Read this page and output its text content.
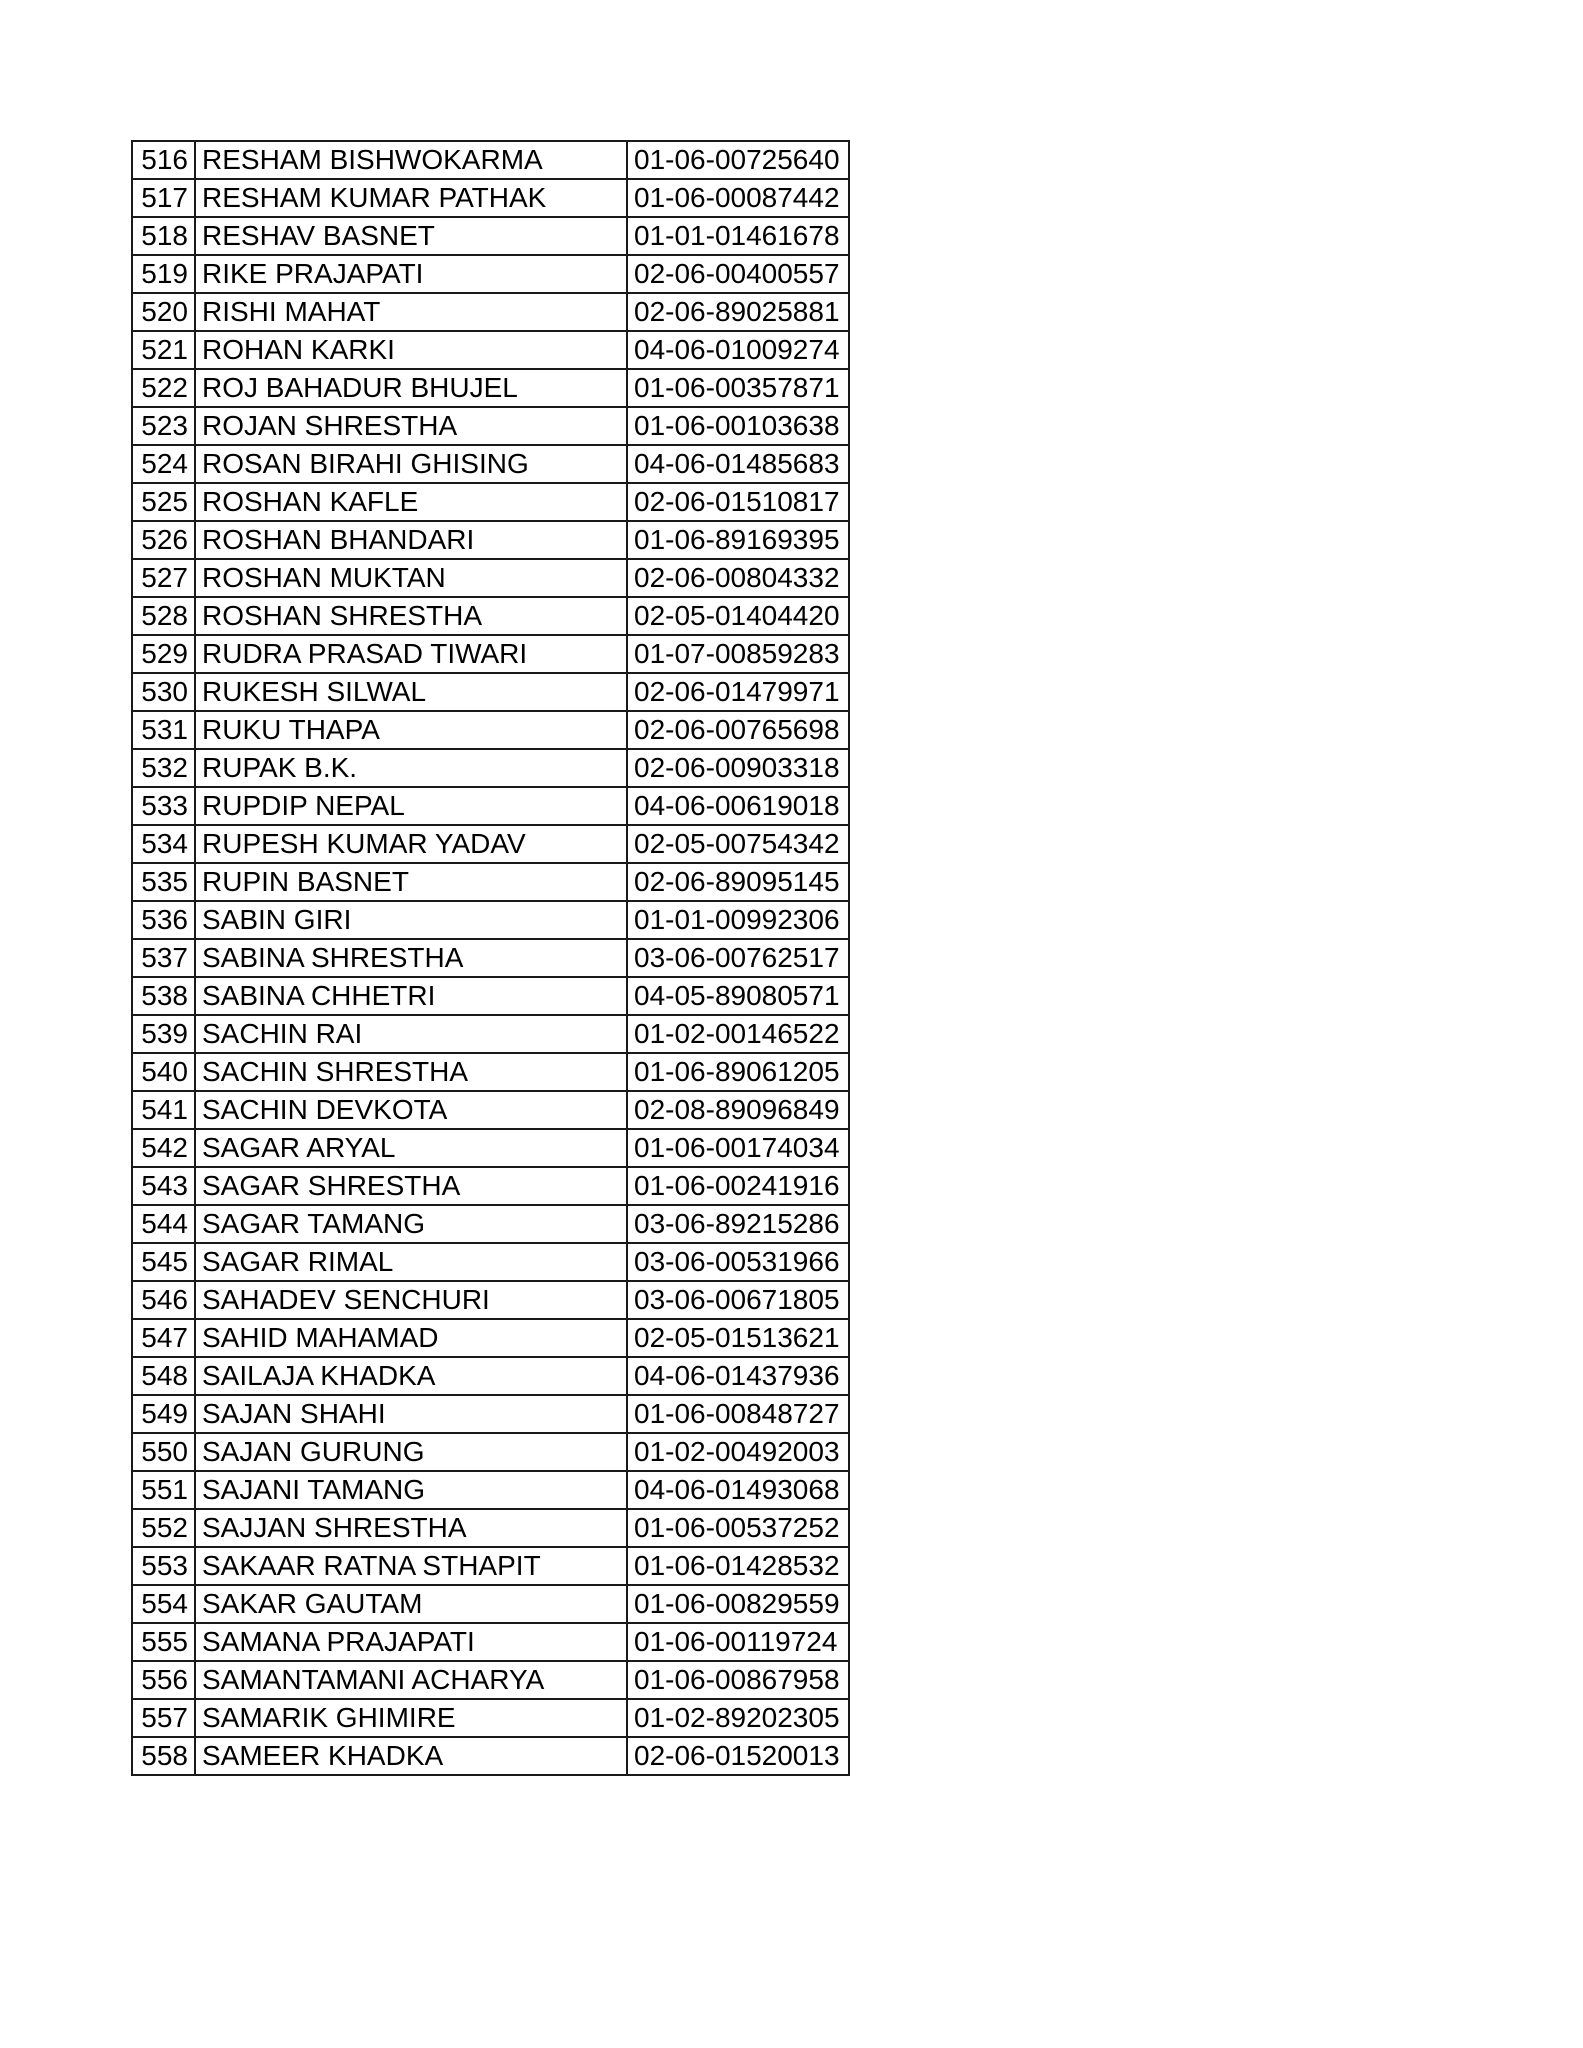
516	RESHAM BISHWOKARMA	01-06-00725640
517	RESHAM KUMAR PATHAK	01-06-00087442
518	RESHAV BASNET	01-01-01461678
519	RIKE PRAJAPATI	02-06-00400557
520	RISHI MAHAT	02-06-89025881
521	ROHAN KARKI	04-06-01009274
522	ROJ BAHADUR BHUJEL	01-06-00357871
523	ROJAN SHRESTHA	01-06-00103638
524	ROSAN BIRAHI GHISING	04-06-01485683
525	ROSHAN KAFLE	02-06-01510817
526	ROSHAN BHANDARI	01-06-89169395
527	ROSHAN MUKTAN	02-06-00804332
528	ROSHAN SHRESTHA	02-05-01404420
529	RUDRA PRASAD TIWARI	01-07-00859283
530	RUKESH SILWAL	02-06-01479971
531	RUKU THAPA	02-06-00765698
532	RUPAK B.K.	02-06-00903318
533	RUPDIP NEPAL	04-06-00619018
534	RUPESH KUMAR YADAV	02-05-00754342
535	RUPIN BASNET	02-06-89095145
536	SABIN GIRI	01-01-00992306
537	SABINA SHRESTHA	03-06-00762517
538	SABINA CHHETRI	04-05-89080571
539	SACHIN RAI	01-02-00146522
540	SACHIN SHRESTHA	01-06-89061205
541	SACHIN DEVKOTA	02-08-89096849
542	SAGAR ARYAL	01-06-00174034
543	SAGAR SHRESTHA	01-06-00241916
544	SAGAR TAMANG	03-06-89215286
545	SAGAR RIMAL	03-06-00531966
546	SAHADEV SENCHURI	03-06-00671805
547	SAHID MAHAMAD	02-05-01513621
548	SAILAJA KHADKA	04-06-01437936
549	SAJAN SHAHI	01-06-00848727
550	SAJAN GURUNG	01-02-00492003
551	SAJANI TAMANG	04-06-01493068
552	SAJJAN SHRESTHA	01-06-00537252
553	SAKAAR RATNA STHAPIT	01-06-01428532
554	SAKAR GAUTAM	01-06-00829559
555	SAMANA PRAJAPATI	01-06-00119724
556	SAMANTAMANI ACHARYA	01-06-00867958
557	SAMARIK GHIMIRE	01-02-89202305
558	SAMEER KHADKA	02-06-01520013
